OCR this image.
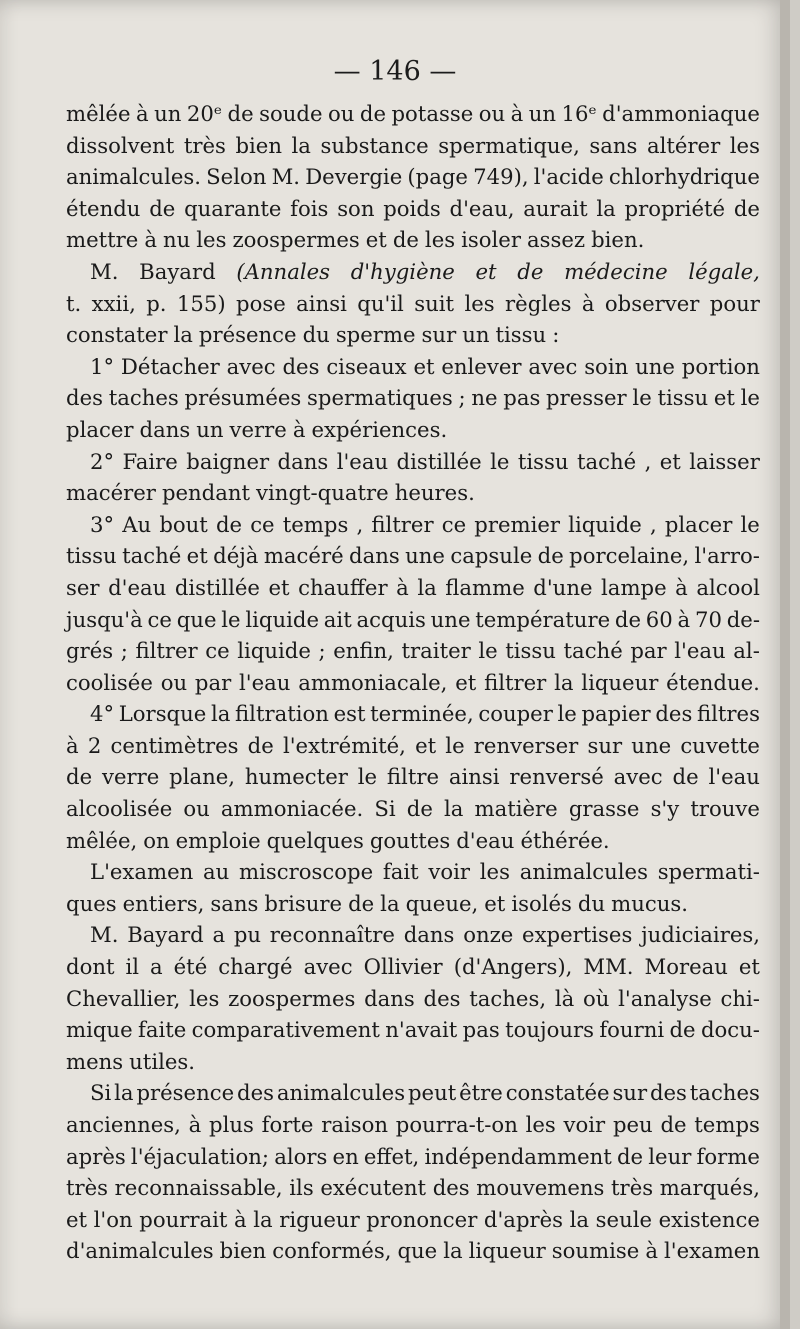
— 146 —
mêlée à un 20ᵉ de soude ou de potasse ou à un 16ᵉ d'ammoniaque
dissolvent très bien la substance spermatique, sans altérer les
animalcules. Selon M. Devergie (page 749), l'acide chlorhydrique
étendu de quarante fois son poids d'eau, aurait la propriété de
mettre à nu les zoospermes et de les isoler assez bien.
M. Bayard (Annales d'hygiène et de médecine légale,
t. xxii, p. 155) pose ainsi qu'il suit les règles à observer pour
constater la présence du sperme sur un tissu :
1° Détacher avec des ciseaux et enlever avec soin une portion
des taches présumées spermatiques ; ne pas presser le tissu et le
placer dans un verre à expériences.
2° Faire baigner dans l'eau distillée le tissu taché , et laisser
macérer pendant vingt-quatre heures.
3° Au bout de ce temps , filtrer ce premier liquide , placer le
tissu taché et déjà macéré dans une capsule de porcelaine, l'arro-
ser d'eau distillée et chauffer à la flamme d'une lampe à alcool
jusqu'à ce que le liquide ait acquis une température de 60 à 70 de-
grés ; filtrer ce liquide ; enfin, traiter le tissu taché par l'eau al-
coolisée ou par l'eau ammoniacale, et filtrer la liqueur étendue.
4° Lorsque la filtration est terminée, couper le papier des filtres
à 2 centimètres de l'extrémité, et le renverser sur une cuvette
de verre plane, humecter le filtre ainsi renversé avec de l'eau
alcoolisée ou ammoniacée. Si de la matière grasse s'y trouve
mêlée, on emploie quelques gouttes d'eau éthérée.
L'examen au miscroscope fait voir les animalcules spermati-
ques entiers, sans brisure de la queue, et isolés du mucus.
M. Bayard a pu reconnaître dans onze expertises judiciaires,
dont il a été chargé avec Ollivier (d'Angers), MM. Moreau et
Chevallier, les zoospermes dans des taches, là où l'analyse chi-
mique faite comparativement n'avait pas toujours fourni de docu-
mens utiles.
Si la présence des animalcules peut être constatée sur des taches
anciennes, à plus forte raison pourra-t-on les voir peu de temps
après l'éjaculation; alors en effet, indépendamment de leur forme
très reconnaissable, ils exécutent des mouvemens très marqués,
et l'on pourrait à la rigueur prononcer d'après la seule existence
d'animalcules bien conformés, que la liqueur soumise à l'examen
